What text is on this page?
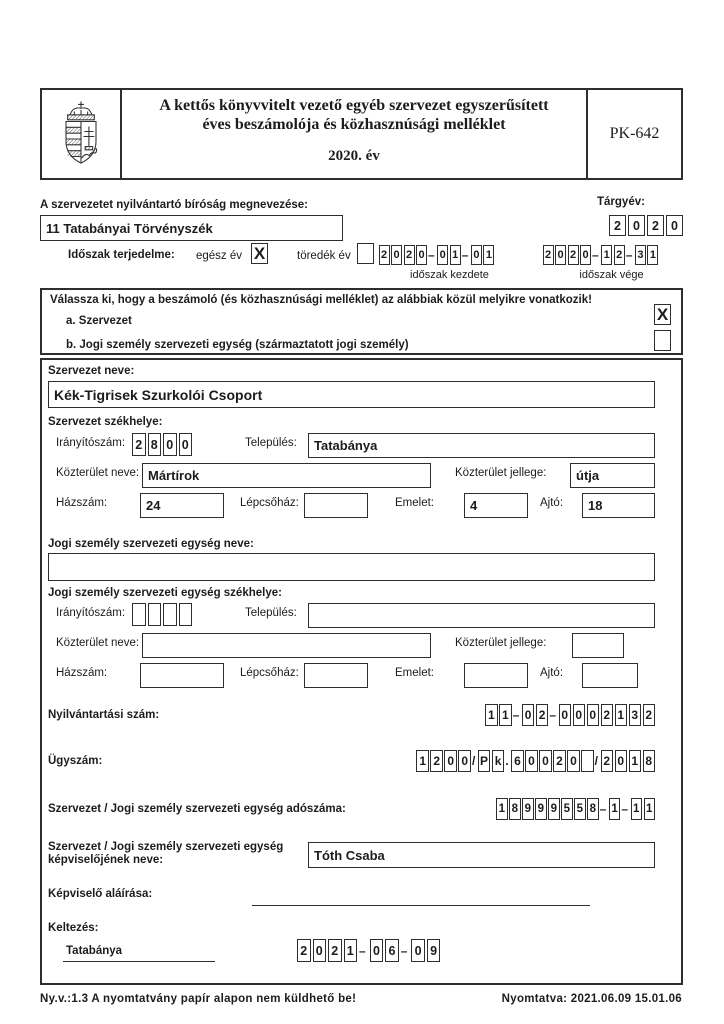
A kettős könyvvitelt vezető egyéb szervezet egyszerűsített
éves beszámolója és közhasznúsági melléklet
2020. év
PK-642
A szervezetet nyilvántartó bíróság megnevezése:
11 Tatabányai Törvényszék
Tárgyév:
2 0 2 0
Időszak terjedelme: egész év X	töredék év	2 0 2 0 – 0 1 – 0 1	2 0 2 0 – 1 2 – 3 1
időszak kezdete	időszak vége
Válassza ki, hogy a beszámoló (és közhasznúsági melléklet) az alábbiak közül melyikre vonatkozik!
a. Szervezet	X
b. Jogi személy szervezeti egység (származtatott jogi személy)
Szervezet neve:
Kék-Tigrisek Szurkolói Csoport
Szervezet székhelye:
Irányítószám: 2 8 0 0	Település:	Tatabánya
Közterület neve: Mártírok	Közterület jellege:	útja
Házszám:	24	Lépcsőház:	Emelet:	4	Ajtó:	18
Jogi személy szervezeti egység neve:
Jogi személy szervezeti egység székhelye:
Irányítószám:	Település:
Közterület neve:	Közterület jellege:
Házszám:	Lépcsőház:	Emelet:	Ajtó:
Nyilvántartási szám:	1 1 – 0 2 – 0 0 0 2 1 3 2
Ügyszám:	1 2 0 0 / P k . 6 0 0 2 0 / 2 0 1 8
Szervezet / Jogi személy szervezeti egység adószáma:	1 8 9 9 9 5 5 8 – 1 – 1 1
Szervezet / Jogi személy szervezeti egység
képviselőjének neve:	Tóth Csaba
Képviselő aláírása:
Keltezés:
Tatabánya	2 0 2 1 – 0 6 – 0 9
Ny.v.:1.3 A nyomtatvány papír alapon nem küldhető be!	Nyomtatva: 2021.06.09 15.01.06
